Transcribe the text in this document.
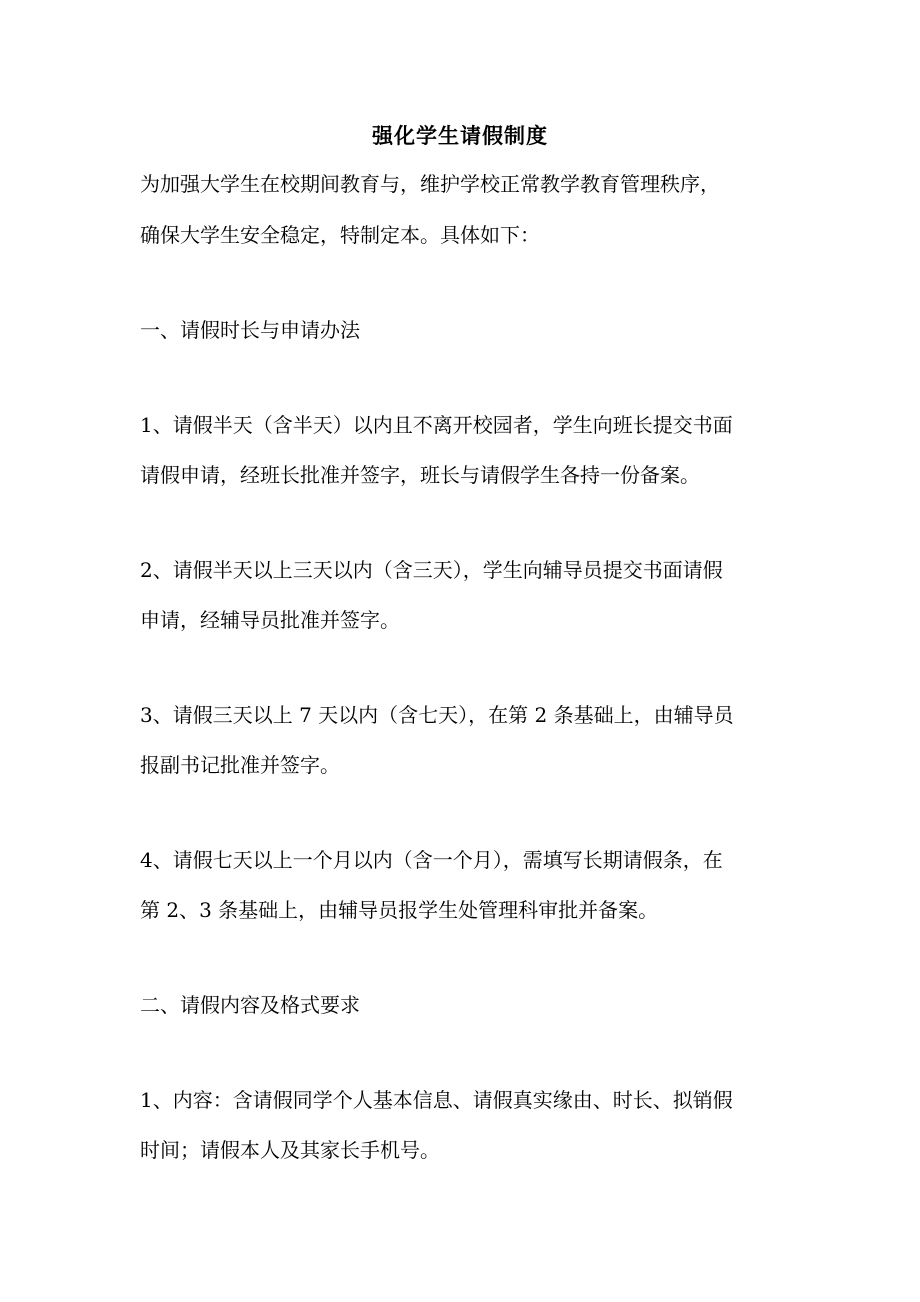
强化学生请假制度
为加强大学生在校期间教育与，维护学校正常教学教育管理秩序，
确保大学生安全稳定，特制定本。具体如下：
一、请假时长与申请办法
1、请假半天（含半天）以内且不离开校园者，学生向班长提交书面
请假申请，经班长批准并签字，班长与请假学生各持一份备案。
2、请假半天以上三天以内（含三天），学生向辅导员提交书面请假
申请，经辅导员批准并签字。
3、请假三天以上 7 天以内（含七天），在第 2 条基础上，由辅导员
报副书记批准并签字。
4、请假七天以上一个月以内（含一个月），需填写长期请假条，在
第 2、3 条基础上，由辅导员报学生处管理科审批并备案。
二、请假内容及格式要求
1、内容：含请假同学个人基本信息、请假真实缘由、时长、拟销假
时间；请假本人及其家长手机号。
